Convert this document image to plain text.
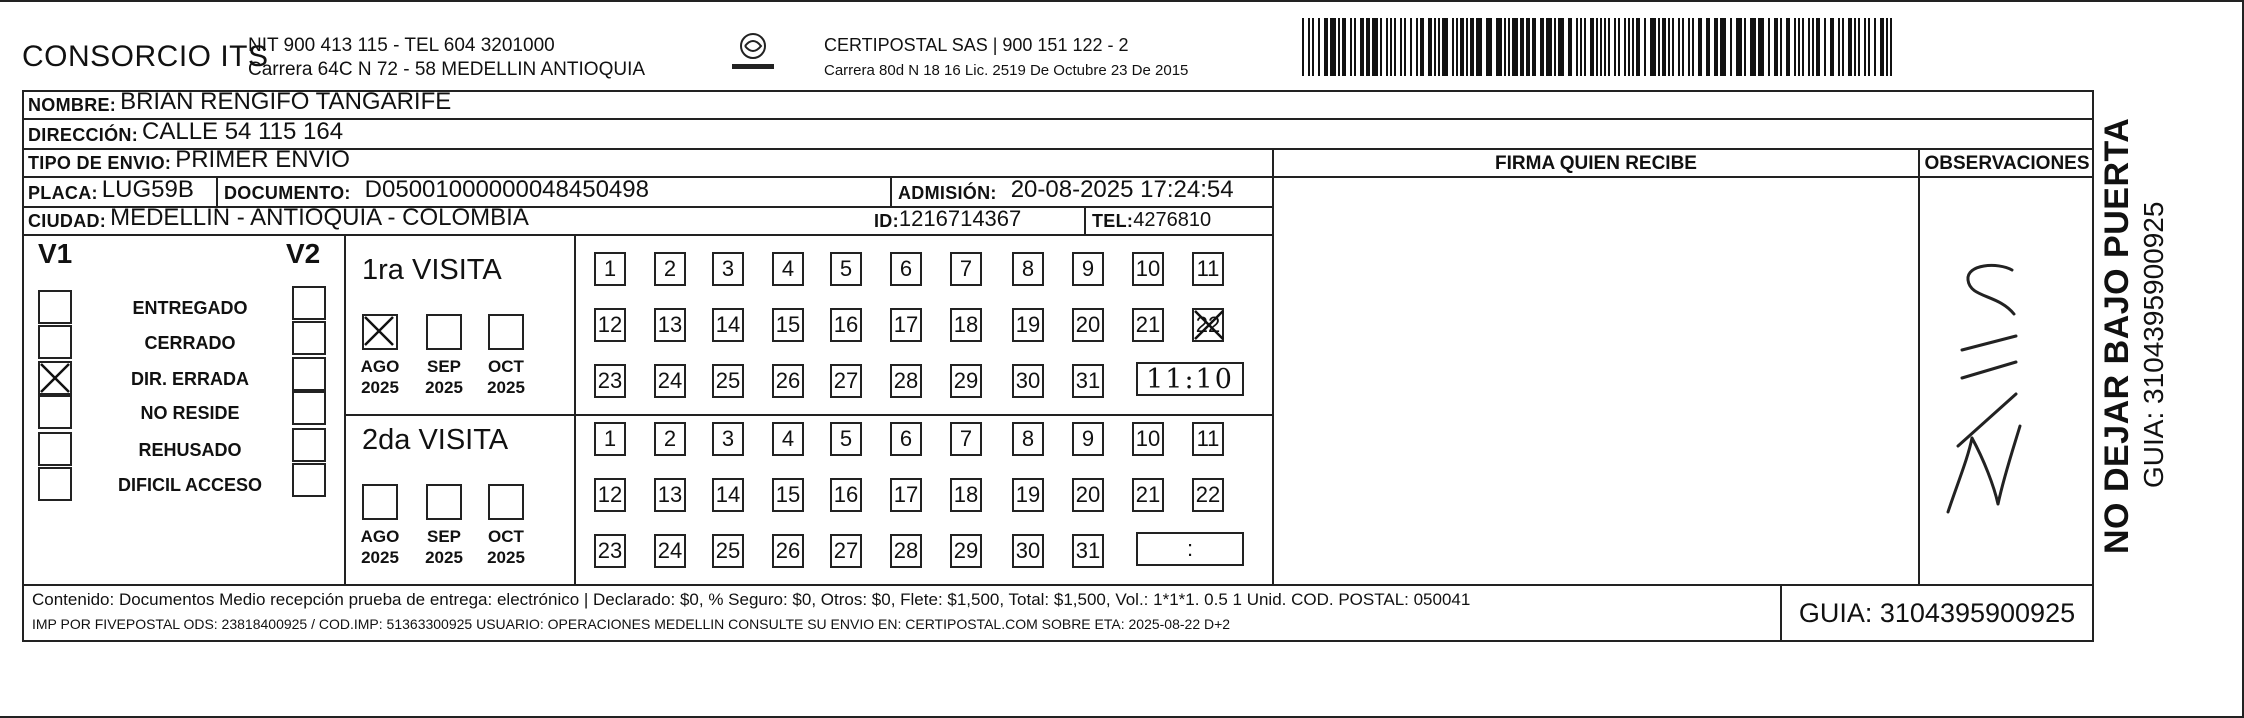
CONSORCIO ITS
NIT 900 413 115 - TEL 604 3201000
Carrera 64C N 72 - 58 MEDELLIN ANTIOQUIA
CERTIPOSTAL SAS | 900 151 122 - 2
Carrera 80d N 18 16 Lic. 2519 De Octubre 23 De 2015
NOMBRE: BRIAN RENGIFO TANGARIFE
DIRECCIÓN: CALLE 54 115 164
TIPO DE ENVIO: PRIMER ENVIO
PLACA: LUG59B DOCUMENTO: D05001000000048450498	ADMISIÓN: 20-08-2025 17:24:54
CIUDAD: MEDELLIN - ANTIOQUIA - COLOMBIA	ID: 1216714367	TEL: 4276810
FIRMA QUIEN RECIBE	OBSERVACIONES
V1	V2
ENTREGADO
CERRADO
DIR. ERRADA
NO RESIDE
REHUSADO
DIFICIL ACCESO
1ra VISITA
2da VISITA
AGO
2025
SEP
2025
OCT
2025
AGO
2025
SEP
2025
OCT
2025
1 2 3 4 5 6 7 8 9 10 11
12 13 14 15 16 17 18 19 20 21 22
23 24 25 26 27 28 29 30 31
1 2 3 4 5 6 7 8 9 10 11
12 13 14 15 16 17 18 19 20 21 22
23 24 25 26 27 28 29 30 31
11:10
:
Contenido: Documentos Medio recepción prueba de entrega: electrónico | Declarado: $0, % Seguro: $0, Otros: $0, Flete: $1,500, Total: $1,500, Vol.: 1*1*1. 0.5 1 Unid. COD. POSTAL: 050041
IMP POR FIVEPOSTAL ODS: 23818400925 / COD.IMP: 51363300925 USUARIO: OPERACIONES MEDELLIN CONSULTE SU ENVIO EN: CERTIPOSTAL.COM SOBRE ETA: 2025-08-22 D+2	GUIA: 3104395900925
NO DEJAR BAJO PUERTA GUIA: 3104395900925
